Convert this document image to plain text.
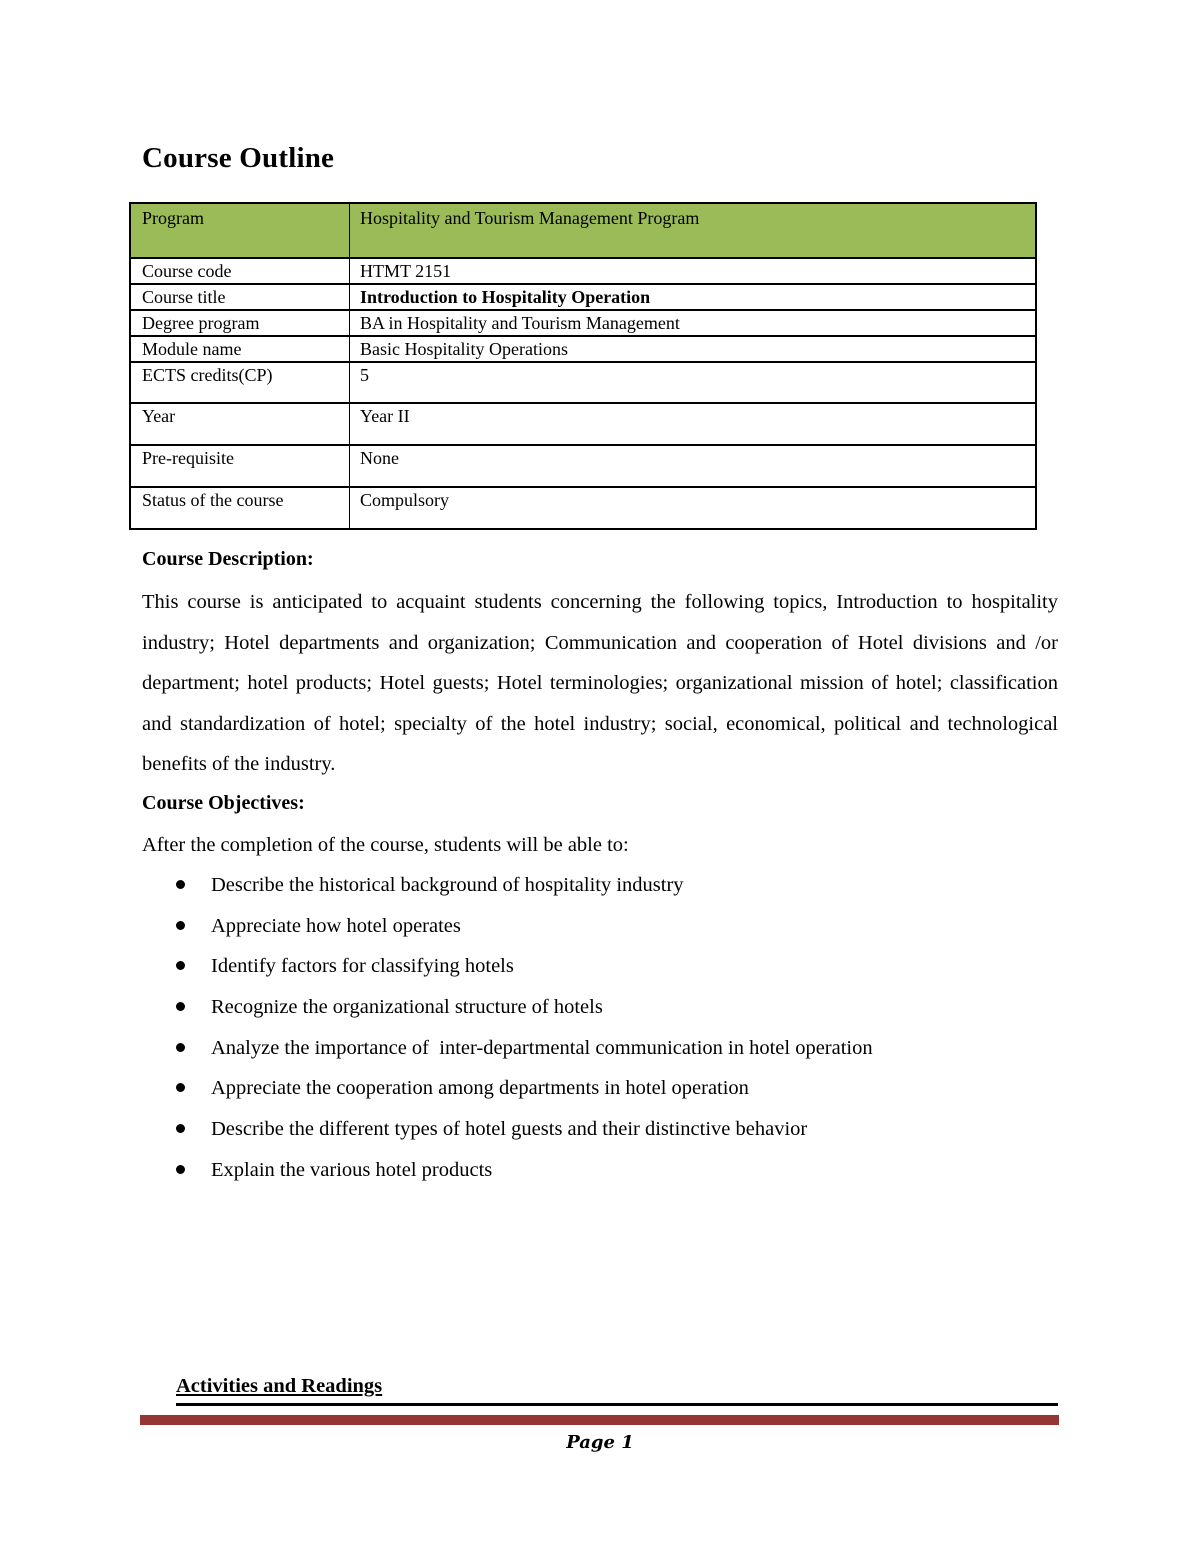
Course Outline
Program	Hospitality and Tourism Management Program
Course code	HTMT 2151
Course title	Introduction to Hospitality Operation
Degree program	BA in Hospitality and Tourism Management
Module name	Basic Hospitality Operations
ECTS credits(CP)	5
Year	Year II
Pre-requisite	None
Status of the course	Compulsory
Course Description:

This course is anticipated to acquaint students concerning the following topics, Introduction to hospitality industry; Hotel departments and organization; Communication and cooperation of Hotel divisions and /or department; hotel products; Hotel guests; Hotel terminologies; organizational mission of hotel; classification and standardization of hotel; specialty of the hotel industry; social, economical, political and technological benefits of the industry.

Course Objectives:

After the completion of the course, students will be able to:

Describe the historical background of hospitality industry
Appreciate how hotel operates
Identify factors for classifying hotels
Recognize the organizational structure of hotels
Analyze the importance of  inter-departmental communication in hotel operation
Appreciate the cooperation among departments in hotel operation
Describe the different types of hotel guests and their distinctive behavior
Explain the various hotel products
Activities and Readings

Page 1
